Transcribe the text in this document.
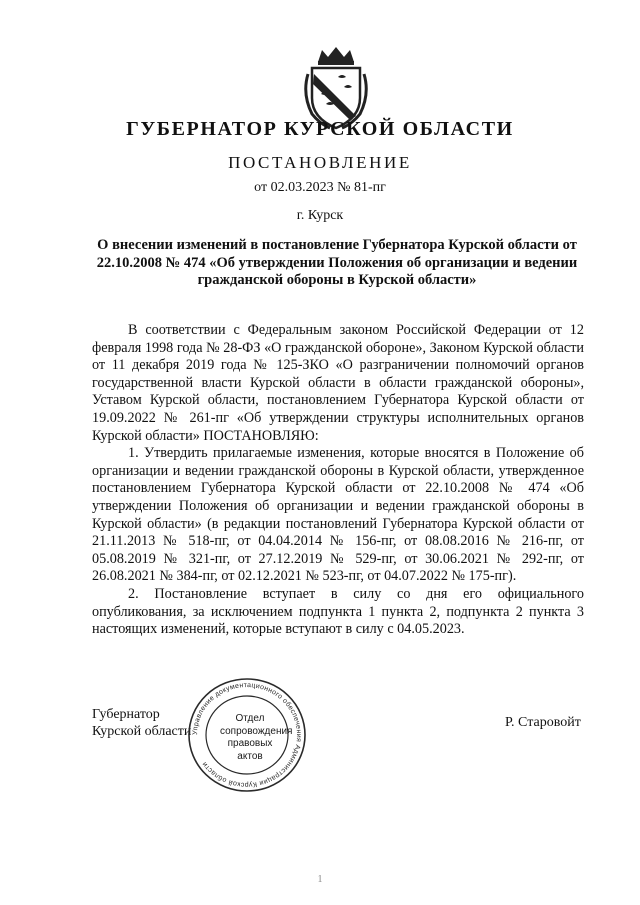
ГУБЕРНАТОР КУРСКОЙ ОБЛАСТИ
ПОСТАНОВЛЕНИЕ
от 02.03.2023 № 81-пг
г. Курск
О внесении изменений в постановление Губернатора Курской области от 22.10.2008 № 474 «Об утверждении Положения об организации и ведении гражданской обороны в Курской области»

В соответствии с Федеральным законом Российской Федерации от 12 февраля 1998 года № 28-ФЗ «О гражданской обороне», Законом Курской области от 11 декабря 2019 года № 125-ЗКО «О разграничении полномочий органов государственной власти Курской области в области гражданской обороны», Уставом Курской области, постановлением Губернатора Курской области от 19.09.2022 № 261-пг «Об утверждении структуры исполнительных органов Курской области» ПОСТАНОВЛЯЮ:

1. Утвердить прилагаемые изменения, которые вносятся в Положение об организации и ведении гражданской обороны в Курской области, утвержденное постановлением Губернатора Курской области от 22.10.2008 № 474 «Об утверждении Положения об организации и ведении гражданской обороны в Курской области» (в редакции постановлений Губернатора Курской области от 21.11.2013 № 518-пг, от 04.04.2014 № 156-пг, от 08.08.2016 № 216-пг, от 05.08.2019 № 321-пг, от 27.12.2019 № 529-пг, от 30.06.2021 № 292-пг, от 26.08.2021 № 384-пг, от 02.12.2021 № 523-пг, от 04.07.2022 № 175-пг).

2. Постановление вступает в силу со дня его официального опубликования, за исключением подпункта 1 пункта 2, подпункта 2 пункта 3 настоящих изменений, которые вступают в силу с 04.05.2023.

Губернатор
Курской области
Р. Старовойт
Управление документационного обеспечения Администрации Курской области
Отдел
сопровождения
правовых
актов
1
